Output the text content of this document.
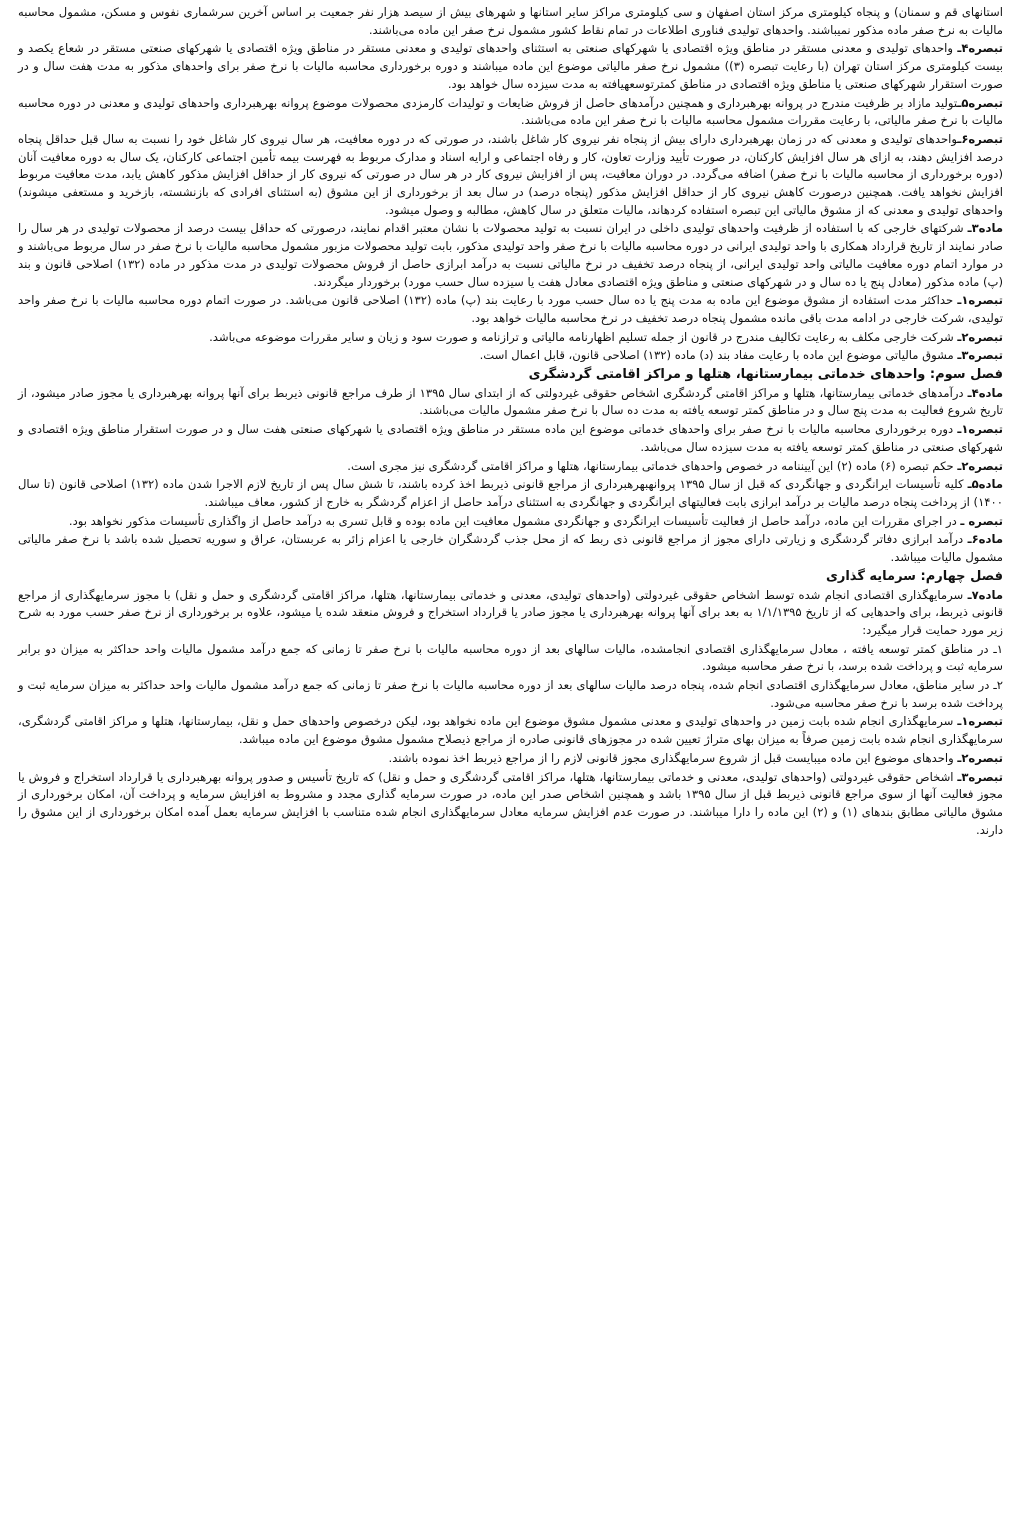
استانهای قم و سمنان) و پنجاه کیلومتری مرکز استان اصفهان و سی کیلومتری مراکز سایر استانها و شهرهای بیش از سیصد هزار نفر جمعیت بر اساس آخرین سرشماری نفوس و مسکن، مشمول محاسبه مالیات به نرخ صفر ماده مذکور نمیباشند. واحدهای تولیدی فناوری اطلاعات در تمام نقاط کشور مشمول نرخ صفر این ماده می‌باشند.

تبصره۴ـ واحدهای تولیدی و معدنی مستقر در مناطق ویژه اقتصادی یا شهرکهای صنعتی به استثنای واحدهای تولیدی و معدنی مستقر در مناطق ویژه اقتصادی یا شهرکهای صنعتی مستقر در شعاع یکصد و بیست کیلومتری مرکز استان تهران (با رعایت تبصره (۳)) مشمول نرخ صفر مالیاتی موضوع این ماده میباشند و دوره برخورداری محاسبه مالیات با نرخ صفر برای واحدهای مذکور به مدت هفت سال و در صورت استقرار شهرکهای صنعتی یا مناطق ویژه اقتصادی در مناطق کمترتوسعهیافته به مدت سیزده سال خواهد بود.

تبصره۵ـتولید مازاد بر ظرفیت مندرج در پروانه بهرهبرداری و همچنین درآمدهای حاصل از فروش ضایعات و تولیدات کارمزدی محصولات موضوع پروانه بهرهبرداری واحدهای تولیدی و معدنی در دوره محاسبه مالیات با نرخ صفر مالیاتی، با رعایت مقررات مشمول محاسبه مالیات با نرخ صفر این ماده می‌باشند.

تبصره۶ـواحدهای تولیدی و معدنی که در زمان بهرهبرداری دارای بیش از پنجاه نفر نیروی کار شاغل باشند، در صورتی که در دوره معافیت، هر سال نیروی کار شاغل خود را نسبت به سال قبل حداقل پنجاه درصد افزایش دهند، به ازای هر سال افزایش کارکنان، در صورت تأیید وزارت تعاون، کار و رفاه اجتماعی و ارایه اسناد و مدارک مربوط به فهرست بیمه تأمین اجتماعی کارکنان، یک سال به دوره معافیت آنان (دوره برخورداری از محاسبه مالیات با نرخ صفر) اضافه می‌گردد. در دوران معافیت، پس از افزایش نیروی کار در هر سال در صورتی که نیروی کار از حداقل افزایش مذکور کاهش یابد، مدت معافیت مربوط افزایش نخواهد یافت. همچنین درصورت کاهش نیروی کار از حداقل افزایش مذکور (پنجاه درصد) در سال بعد از برخورداری از این مشوق (به استثنای افرادی که بازنشسته، بازخرید و مستعفی میشوند) واحدهای تولیدی و معدنی که از مشوق مالیاتی این تبصره استفاده کردهاند، مالیات متعلق در سال کاهش، مطالبه و وصول میشود.

ماده۳ـ شرکتهای خارجی که با استفاده از ظرفیت واحدهای تولیدی داخلی در ایران نسبت به تولید محصولات با نشان معتبر اقدام نمایند، درصورتی که حداقل بیست درصد از محصولات تولیدی در هر سال را صادر نمایند از تاریخ قرارداد همکاری با واحد تولیدی ایرانی در دوره محاسبه مالیات با نرخ صفر واحد تولیدی مذکور، بابت تولید محصولات مزبور مشمول محاسبه مالیات با نرخ صفر در سال مربوط می‌باشند و در موارد اتمام دوره معافیت مالیاتی واحد تولیدی ایرانی، از پنجاه درصد تخفیف در نرخ مالیاتی نسبت به درآمد ابرازی حاصل از فروش محصولات تولیدی در مدت مذکور در ماده (۱۳۲) اصلاحی قانون و بند (پ) ماده مذکور (معادل پنج یا ده سال و در شهرکهای صنعتی و مناطق ویژه اقتصادی معادل هفت یا سیزده سال حسب مورد) برخوردار میگردند.

تبصره۱ـ حداکثر مدت استفاده از مشوق موضوع این ماده به مدت پنج یا ده سال حسب مورد با رعایت بند (پ) ماده (۱۳۲) اصلاحی قانون می‌باشد. در صورت اتمام دوره محاسبه مالیات با نرخ صفر واحد تولیدی، شرکت خارجی در ادامه مدت باقی مانده مشمول پنجاه درصد تخفیف در نرخ محاسبه مالیات خواهد بود.

تبصره۲ـ شرکت خارجی مکلف به رعایت تکالیف مندرج در قانون از جمله تسلیم اظهارنامه مالیاتی و ترازنامه و صورت سود و زیان و سایر مقررات موضوعه می‌باشد.

تبصره۳ـ مشوق مالیاتی موضوع این ماده با رعایت مفاد بند (د) ماده (۱۳۲) اصلاحی قانون، قابل اعمال است.

فصل سوم: واحدهای خدماتی بیمارستانها، هتلها و مراکز اقامتی گردشگری

ماده۴ـ درآمدهای خدماتی بیمارستانها، هتلها و مراکز اقامتی گردشگری اشخاص حقوقی غیردولتی که از ابتدای سال ۱۳۹۵ از طرف مراجع قانونی ذیربط برای آنها پروانه بهرهبرداری یا مجوز صادر میشود، از تاریخ شروع فعالیت به مدت پنج سال و در مناطق کمتر توسعه یافته به مدت ده سال با نرخ صفر مشمول مالیات می‌باشند.

تبصره۱ـ دوره برخورداری محاسبه مالیات با نرخ صفر برای واحدهای خدماتی موضوع این ماده مستقر در مناطق ویژه اقتصادی یا شهرکهای صنعتی هفت سال و در صورت استقرار مناطق ویژه اقتصادی و شهرکهای صنعتی در مناطق کمتر توسعه یافته به مدت سیزده سال می‌باشد.

تبصره۲ـ حکم تبصره (۶) ماده (۲) این آییننامه در خصوص واحدهای خدماتی بیمارستانها، هتلها و مراکز اقامتی گردشگری نیز مجری است.

ماده۵ـ کلیه تأسیسات ایرانگردی و جهانگردی که قبل از سال ۱۳۹۵ پروانهبهرهبرداری از مراجع قانونی ذیربط اخذ کرده باشند، تا شش سال پس از تاریخ لازم الاجرا شدن ماده (۱۳۲) اصلاحی قانون (تا سال ۱۴۰۰) از پرداخت پنجاه درصد مالیات بر درآمد ابرازی بابت فعالیتهای ایرانگردی و جهانگردی به استثنای درآمد حاصل از اعزام گردشگر به خارج از کشور، معاف میباشند.

تبصره ـ در اجرای مقررات این ماده، درآمد حاصل از فعالیت تأسیسات ایرانگردی و جهانگردی مشمول معافیت این ماده بوده و قابل تسری به درآمد حاصل از واگذاری تأسیسات مذکور نخواهد بود.

ماده۶ـ درآمد ابرازی دفاتر گردشگری و زیارتی دارای مجوز از مراجع قانونی ذی ربط که از محل جذب گردشگران خارجی یا اعزام زائر به عربستان، عراق و سوریه تحصیل شده باشد با نرخ صفر مالیاتی مشمول مالیات میباشد.

فصل چهارم: سرمایه گذاری

ماده۷ـ سرمایهگذاری اقتصادی انجام شده توسط اشخاص حقوقی غیردولتی (واحدهای تولیدی، معدنی و خدماتی بیمارستانها، هتلها، مراکز اقامتی گردشگری و حمل و نقل) با مجوز سرمایهگذاری از مراجع قانونی ذیربط، برای واحدهایی که از تاریخ ۱/۱/۱۳۹۵ به بعد برای آنها پروانه بهرهبرداری یا مجوز صادر یا قرارداد استخراج و فروش منعقد شده یا میشود، علاوه بر برخورداری از نرخ صفر حسب مورد به شرح زیر مورد حمایت قرار میگیرد:

۱ـ در مناطق کمتر توسعه یافته ، معادل سرمایهگذاری اقتصادی انجامشده، مالیات سالهای بعد از دوره محاسبه مالیات با نرخ صفر تا زمانی که جمع درآمد مشمول مالیات واحد حداکثر به میزان دو برابر سرمایه ثبت و پرداخت شده برسد، با نرخ صفر محاسبه میشود.

۲ـ در سایر مناطق، معادل سرمایهگذاری اقتصادی انجام شده، پنجاه درصد مالیات سالهای بعد از دوره محاسبه مالیات با نرخ صفر تا زمانی که جمع درآمد مشمول مالیات واحد حداکثر به میزان سرمایه ثبت و پرداخت شده برسد با نرخ صفر محاسبه می‌شود.

تبصره۱ـ سرمایهگذاری انجام شده بابت زمین در واحدهای تولیدی و معدنی مشمول مشوق موضوع این ماده نخواهد بود، لیکن درخصوص واحدهای حمل و نقل، بیمارستانها، هتلها و مراکز اقامتی گردشگری، سرمایهگذاری انجام شده بابت زمین صرفاً به میزان بهای متراژ تعیین شده در مجوزهای قانونی صادره از مراجع ذیصلاح مشمول مشوق موضوع این ماده میباشد.

تبصره۲ـ واحدهای موضوع این ماده میبایست قبل از شروع سرمایهگذاری مجوز قانونی لازم را از مراجع ذیربط اخذ نموده باشند.

تبصره۳ـ اشخاص حقوقی غیردولتی (واحدهای تولیدی، معدنی و خدماتی بیمارستانها، هتلها، مراکز اقامتی گردشگری و حمل و نقل) که تاریخ تأسیس و صدور پروانه بهرهبرداری یا قرارداد استخراج و فروش یا مجوز فعالیت آنها از سوی مراجع قانونی ذیربط قبل از سال ۱۳۹۵ باشد و همچنین اشخاص صدر این ماده، در صورت سرمایه گذاری مجدد و مشروط به افزایش سرمایه و پرداخت آن، امکان برخورداری از مشوق مالیاتی مطابق بندهای (۱) و (۲) این ماده را دارا میباشند. در صورت عدم افزایش سرمایه معادل سرمایهگذاری انجام شده متناسب با افزایش سرمایه بعمل آمده امکان برخورداری از این مشوق را دارند.
